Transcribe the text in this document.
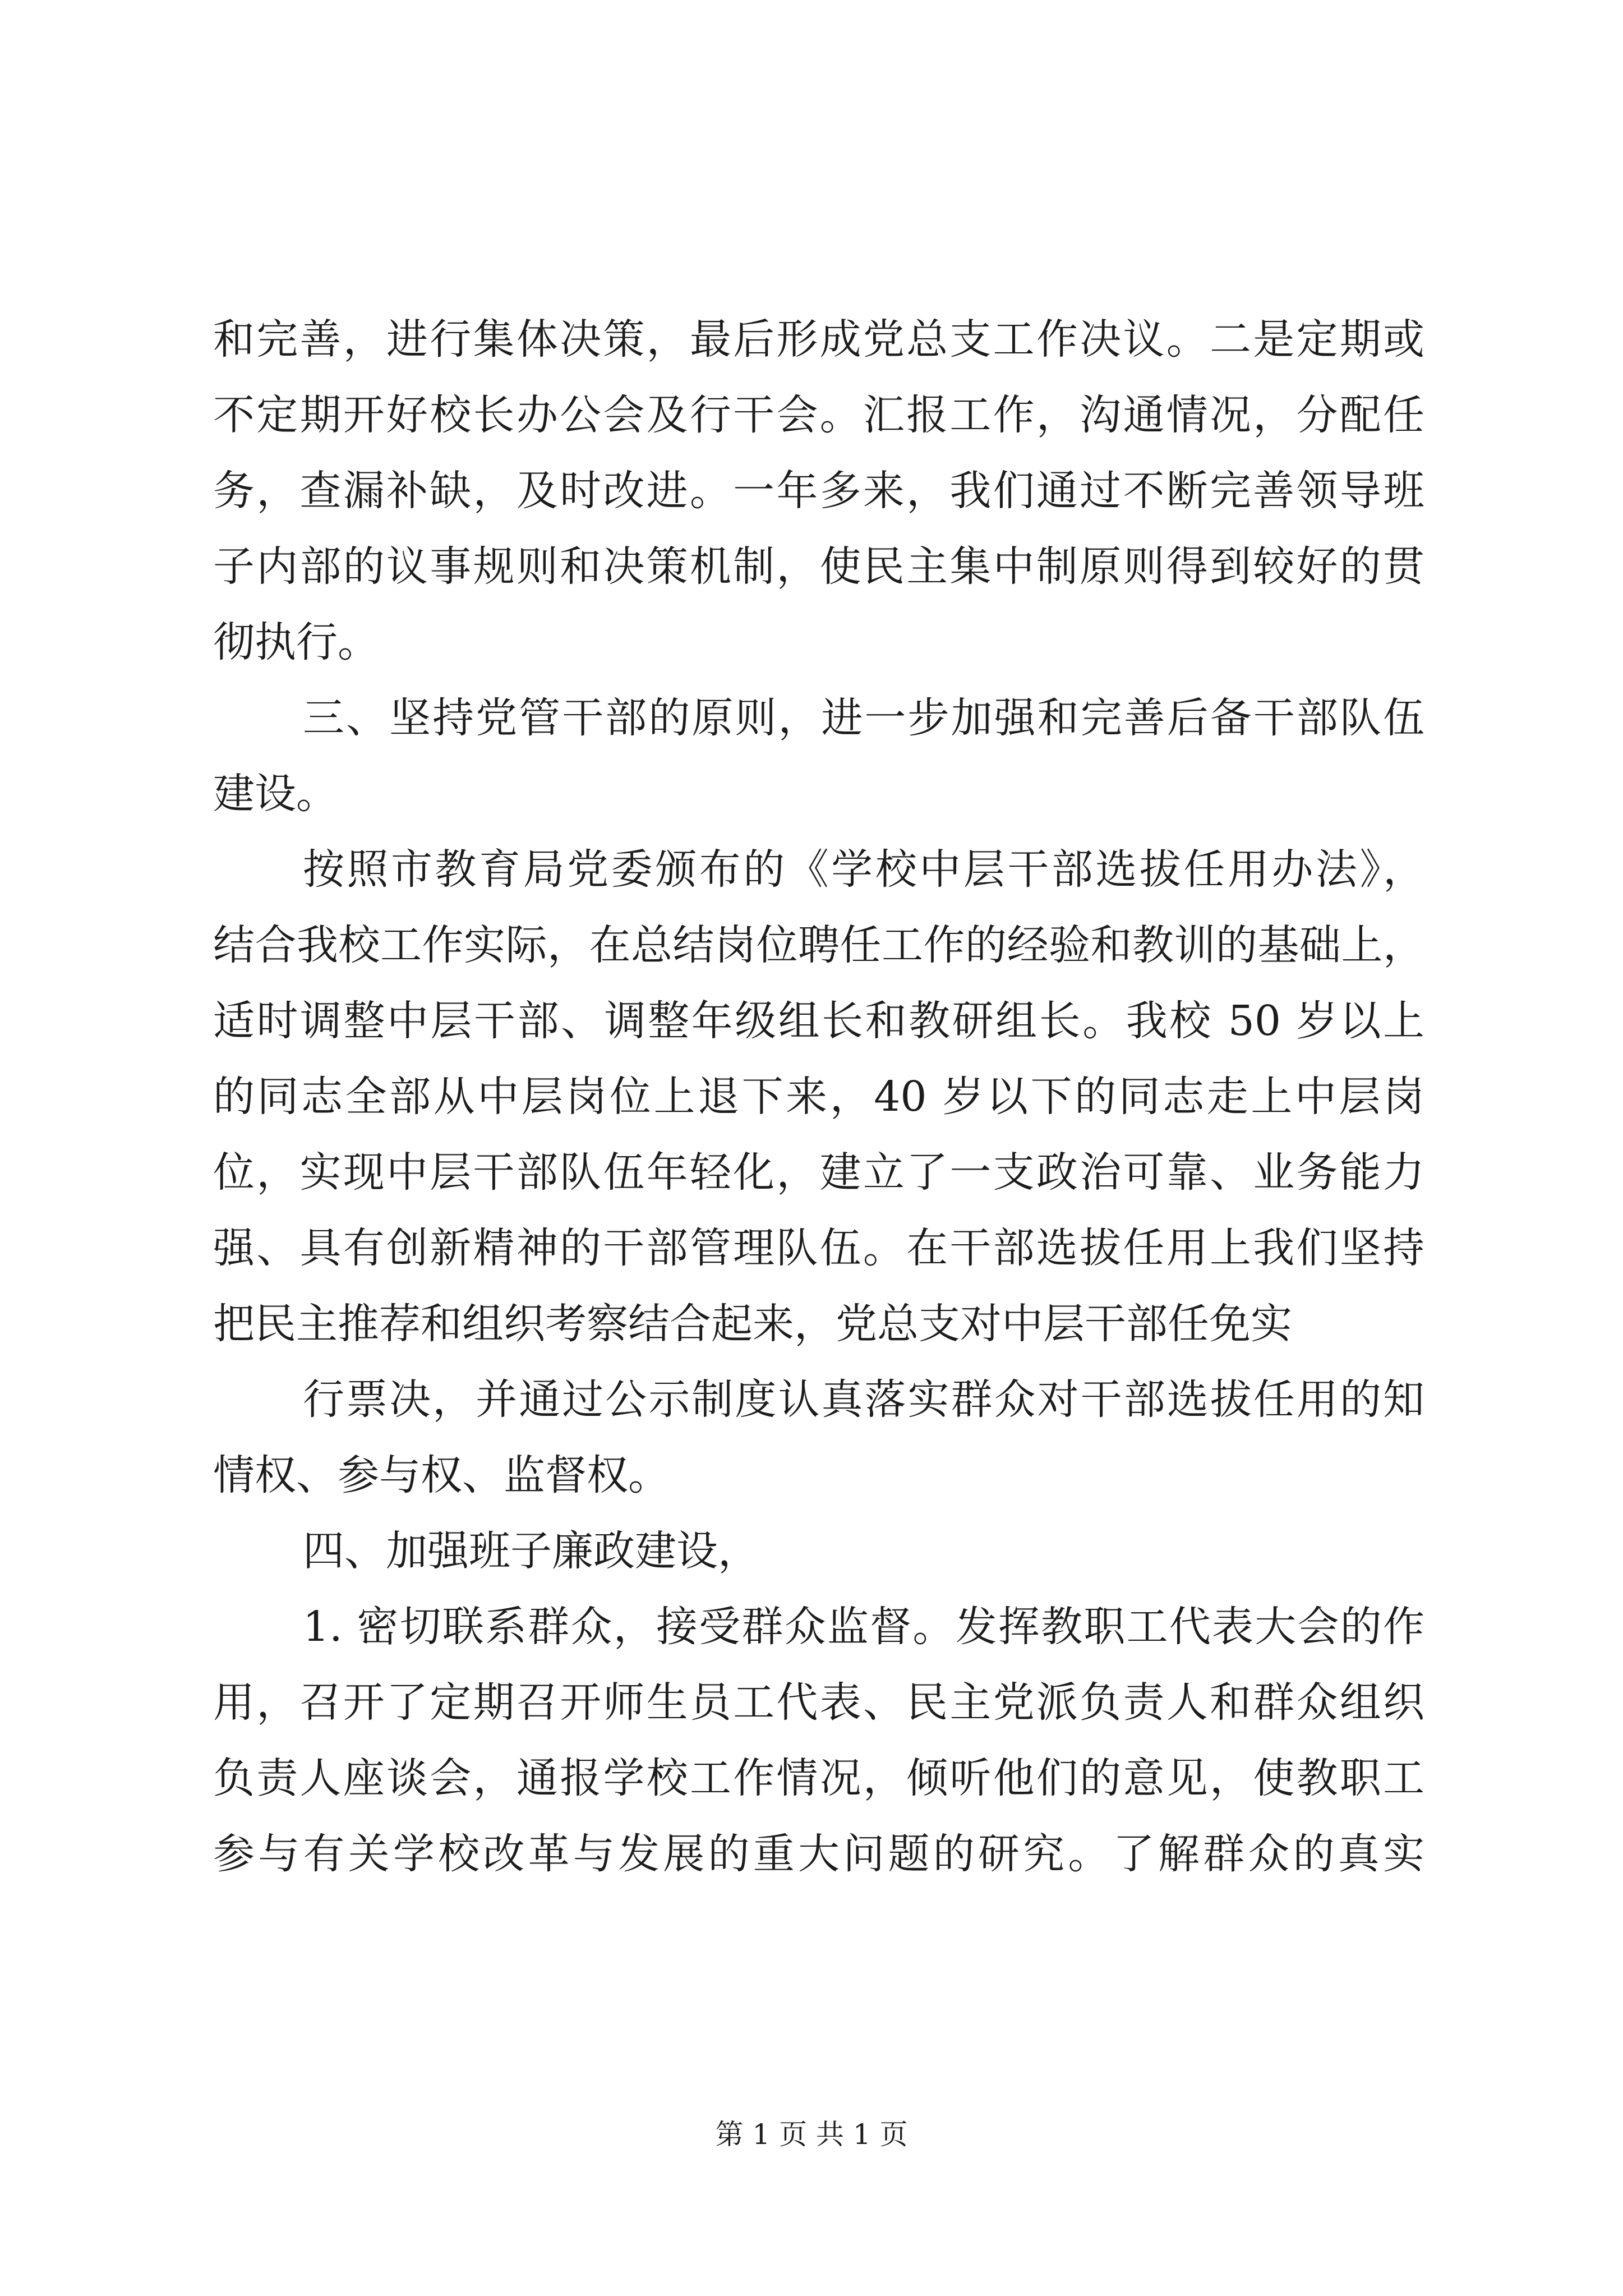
和完善，进行集体决策，最后形成党总支工作决议。二是定期或
不定期开好校长办公会及行干会。汇报工作，沟通情况，分配任
务，查漏补缺，及时改进。一年多来，我们通过不断完善领导班
子内部的议事规则和决策机制，使民主集中制原则得到较好的贯
彻执行。
三、坚持党管干部的原则，进一步加强和完善后备干部队伍
建设。
按照市教育局党委颁布的《学校中层干部选拔任用办法》，
结合我校工作实际，在总结岗位聘任工作的经验和教训的基础上，
适时调整中层干部、调整年级组长和教研组长。我校 50 岁以上
的同志全部从中层岗位上退下来，40 岁以下的同志走上中层岗
位，实现中层干部队伍年轻化，建立了一支政治可靠、业务能力
强、具有创新精神的干部管理队伍。在干部选拔任用上我们坚持
把民主推荐和组织考察结合起来，党总支对中层干部任免实
行票决，并通过公示制度认真落实群众对干部选拔任用的知
情权、参与权、监督权。
四、加强班子廉政建设，
1. 密切联系群众，接受群众监督。发挥教职工代表大会的作
用，召开了定期召开师生员工代表、民主党派负责人和群众组织
负责人座谈会，通报学校工作情况，倾听他们的意见，使教职工
参与有关学校改革与发展的重大问题的研究。了解群众的真实
第 1 页 共 1 页
